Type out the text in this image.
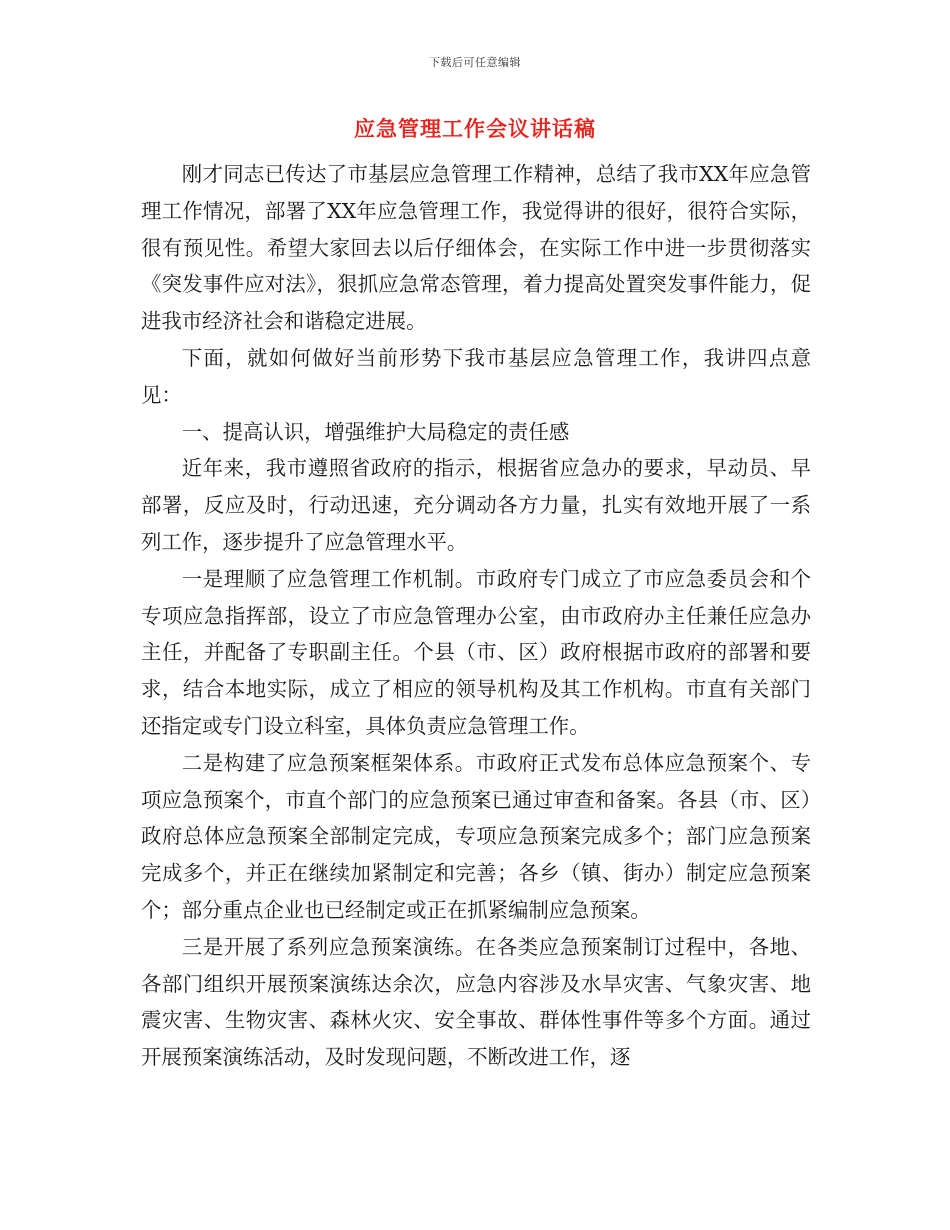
下载后可任意编辑
应急管理工作会议讲话稿

刚才同志已传达了市基层应急管理工作精神，总结了我市XX年应急管理工作情况，部署了XX年应急管理工作，我觉得讲的很好，很符合实际，很有预见性。希望大家回去以后仔细体会，在实际工作中进一步贯彻落实《突发事件应对法》，狠抓应急常态管理，着力提高处置突发事件能力，促进我市经济社会和谐稳定进展。

下面，就如何做好当前形势下我市基层应急管理工作，我讲四点意见：

一、提高认识，增强维护大局稳定的责任感

近年来，我市遵照省政府的指示，根据省应急办的要求，早动员、早部署，反应及时，行动迅速，充分调动各方力量，扎实有效地开展了一系列工作，逐步提升了应急管理水平。

一是理顺了应急管理工作机制。市政府专门成立了市应急委员会和个专项应急指挥部，设立了市应急管理办公室，由市政府办主任兼任应急办主任，并配备了专职副主任。个县（市、区）政府根据市政府的部署和要求，结合本地实际，成立了相应的领导机构及其工作机构。市直有关部门还指定或专门设立科室，具体负责应急管理工作。

二是构建了应急预案框架体系。市政府正式发布总体应急预案个、专项应急预案个，市直个部门的应急预案已通过审查和备案。各县（市、区）政府总体应急预案全部制定完成，专项应急预案完成多个；部门应急预案完成多个，并正在继续加紧制定和完善；各乡（镇、街办）制定应急预案个；部分重点企业也已经制定或正在抓紧编制应急预案。

三是开展了系列应急预案演练。在各类应急预案制订过程中，各地、各部门组织开展预案演练达余次，应急内容涉及水旱灾害、气象灾害、地震灾害、生物灾害、森林火灾、安全事故、群体性事件等多个方面。通过开展预案演练活动，及时发现问题，不断改进工作，逐
